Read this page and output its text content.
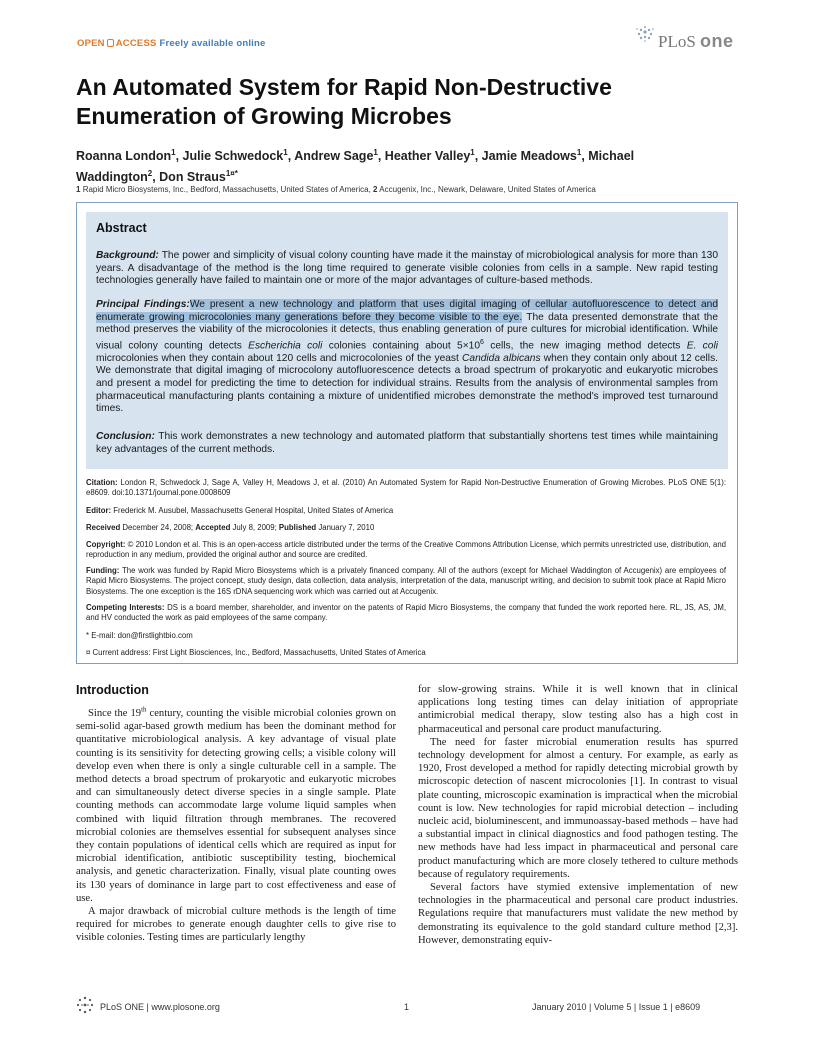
OPEN ACCESS Freely available online	PLoS one
An Automated System for Rapid Non-Destructive Enumeration of Growing Microbes
Roanna London$^1$, Julie Schwedock$^1$, Andrew Sage$^1$, Heather Valley$^1$, Jamie Meadows$^1$, Michael
Waddington$^2$, Don Straus$^{1¤*}$
1 Rapid Micro Biosystems, Inc., Bedford, Massachusetts, United States of America, 2 Accugenix, Inc., Newark, Delaware, United States of America
Abstract

Background: The power and simplicity of visual colony counting have made it the mainstay of microbiological analysis for more than 130 years. A disadvantage of the method is the long time required to generate visible colonies from cells in a sample. New rapid testing technologies generally have failed to maintain one or more of the major advantages of culture-based methods.

Principal Findings:We present a new technology and platform that uses digital imaging of cellular autofluorescence to detect and enumerate growing microcolonies many generations before they become visible to the eye. The data presented demonstrate that the method preserves the viability of the microcolonies it detects, thus enabling generation of pure cultures for microbial identification. While visual colony counting detects Escherichia coli colonies containing about $5\times 10^6$ cells, the new imaging method detects E. coli microcolonies when they contain about 120 cells and microcolonies of the yeast Candida albicans when they contain only about 12 cells. We demonstrate that digital imaging of microcolony autofluorescence detects a broad spectrum of prokaryotic and eukaryotic microbes and present a model for predicting the time to detection for individual strains. Results from the analysis of environmental samples from pharmaceutical manufacturing plants containing a mixture of unidentified microbes demonstrate the method's improved test turnaround times.

Conclusion: This work demonstrates a new technology and automated platform that substantially shortens test times while maintaining key advantages of the current methods.

Citation: London R, Schwedock J, Sage A, Valley H, Meadows J, et al. (2010) An Automated System for Rapid Non-Destructive Enumeration of Growing Microbes. PLoS ONE 5(1): e8609. doi:10.1371/journal.pone.0008609

Editor: Frederick M. Ausubel, Massachusetts General Hospital, United States of America

Received December 24, 2008; Accepted July 8, 2009; Published January 7, 2010

Copyright: © 2010 London et al. This is an open-access article distributed under the terms of the Creative Commons Attribution License, which permits unrestricted use, distribution, and reproduction in any medium, provided the original author and source are credited.

Funding: The work was funded by Rapid Micro Biosystems which is a privately financed company. All of the authors (except for Michael Waddington of Accugenix) are employees of Rapid Micro Biosystems. The project concept, study design, data collection, data analysis, interpretation of the data, manuscript writing, and decision to submit took place at Rapid Micro Biosystems. The one exception is the 16S rDNA sequencing work which was carried out at Accugenix.

Competing Interests: DS is a board member, shareholder, and inventor on the patents of Rapid Micro Biosystems, the company that funded the work reported here. RL, JS, AS, JM, and HV conducted the work as paid employees of the same company.

* E-mail: don@firstlightbio.com

¤ Current address: First Light Biosciences, Inc., Bedford, Massachusetts, United States of America

Introduction

Since the 19th century, counting the visible microbial colonies grown on semi-solid agar-based growth medium has been the dominant method for quantitative microbiological analysis. A key advantage of visual plate counting is its sensitivity for detecting growing cells; a visible colony will develop even when there is only a single culturable cell in a sample. The method detects a broad spectrum of prokaryotic and eukaryotic microbes and can simultaneously detect diverse species in a single sample. Plate counting methods can accommodate large volume liquid samples when combined with liquid filtration through membranes. The recovered microbial colonies are themselves essential for subsequent analyses since they contain populations of identical cells which are required as input for microbial identification, antibiotic susceptibility testing, biochemical analysis, and genetic characterization. Finally, visual plate counting owes its 130 years of dominance in large part to cost effectiveness and ease of use.

A major drawback of microbial culture methods is the length of time required for microbes to generate enough daughter cells to give rise to visible colonies. Testing times are particularly lengthy

for slow-growing strains. While it is well known that in clinical applications long testing times can delay initiation of appropriate antimicrobial medical therapy, slow testing also has a high cost in pharmaceutical and personal care product manufacturing.

The need for faster microbial enumeration results has spurred technology development for almost a century. For example, as early as 1920, Frost developed a method for rapidly detecting microbial growth by microscopic detection of nascent microcolonies [1]. In contrast to visual plate counting, microscopic examination is impractical when the microbial count is low. New technologies for rapid microbial detection – including nucleic acid, bioluminescent, and immunoassay-based methods – have had a substantial impact in clinical diagnostics and food pathogen testing. The new methods have had less impact in pharmaceutical and personal care product manufacturing which are more closely tethered to culture methods because of regulatory requirements.

Several factors have stymied extensive implementation of new technologies in the pharmaceutical and personal care product industries. Regulations require that manufacturers must validate the new method by demonstrating its equivalence to the gold standard culture method [2,3]. However, demonstrating equiv-

PLoS ONE | www.plosone.org	1	January 2010 | Volume 5 | Issue 1 | e8609
